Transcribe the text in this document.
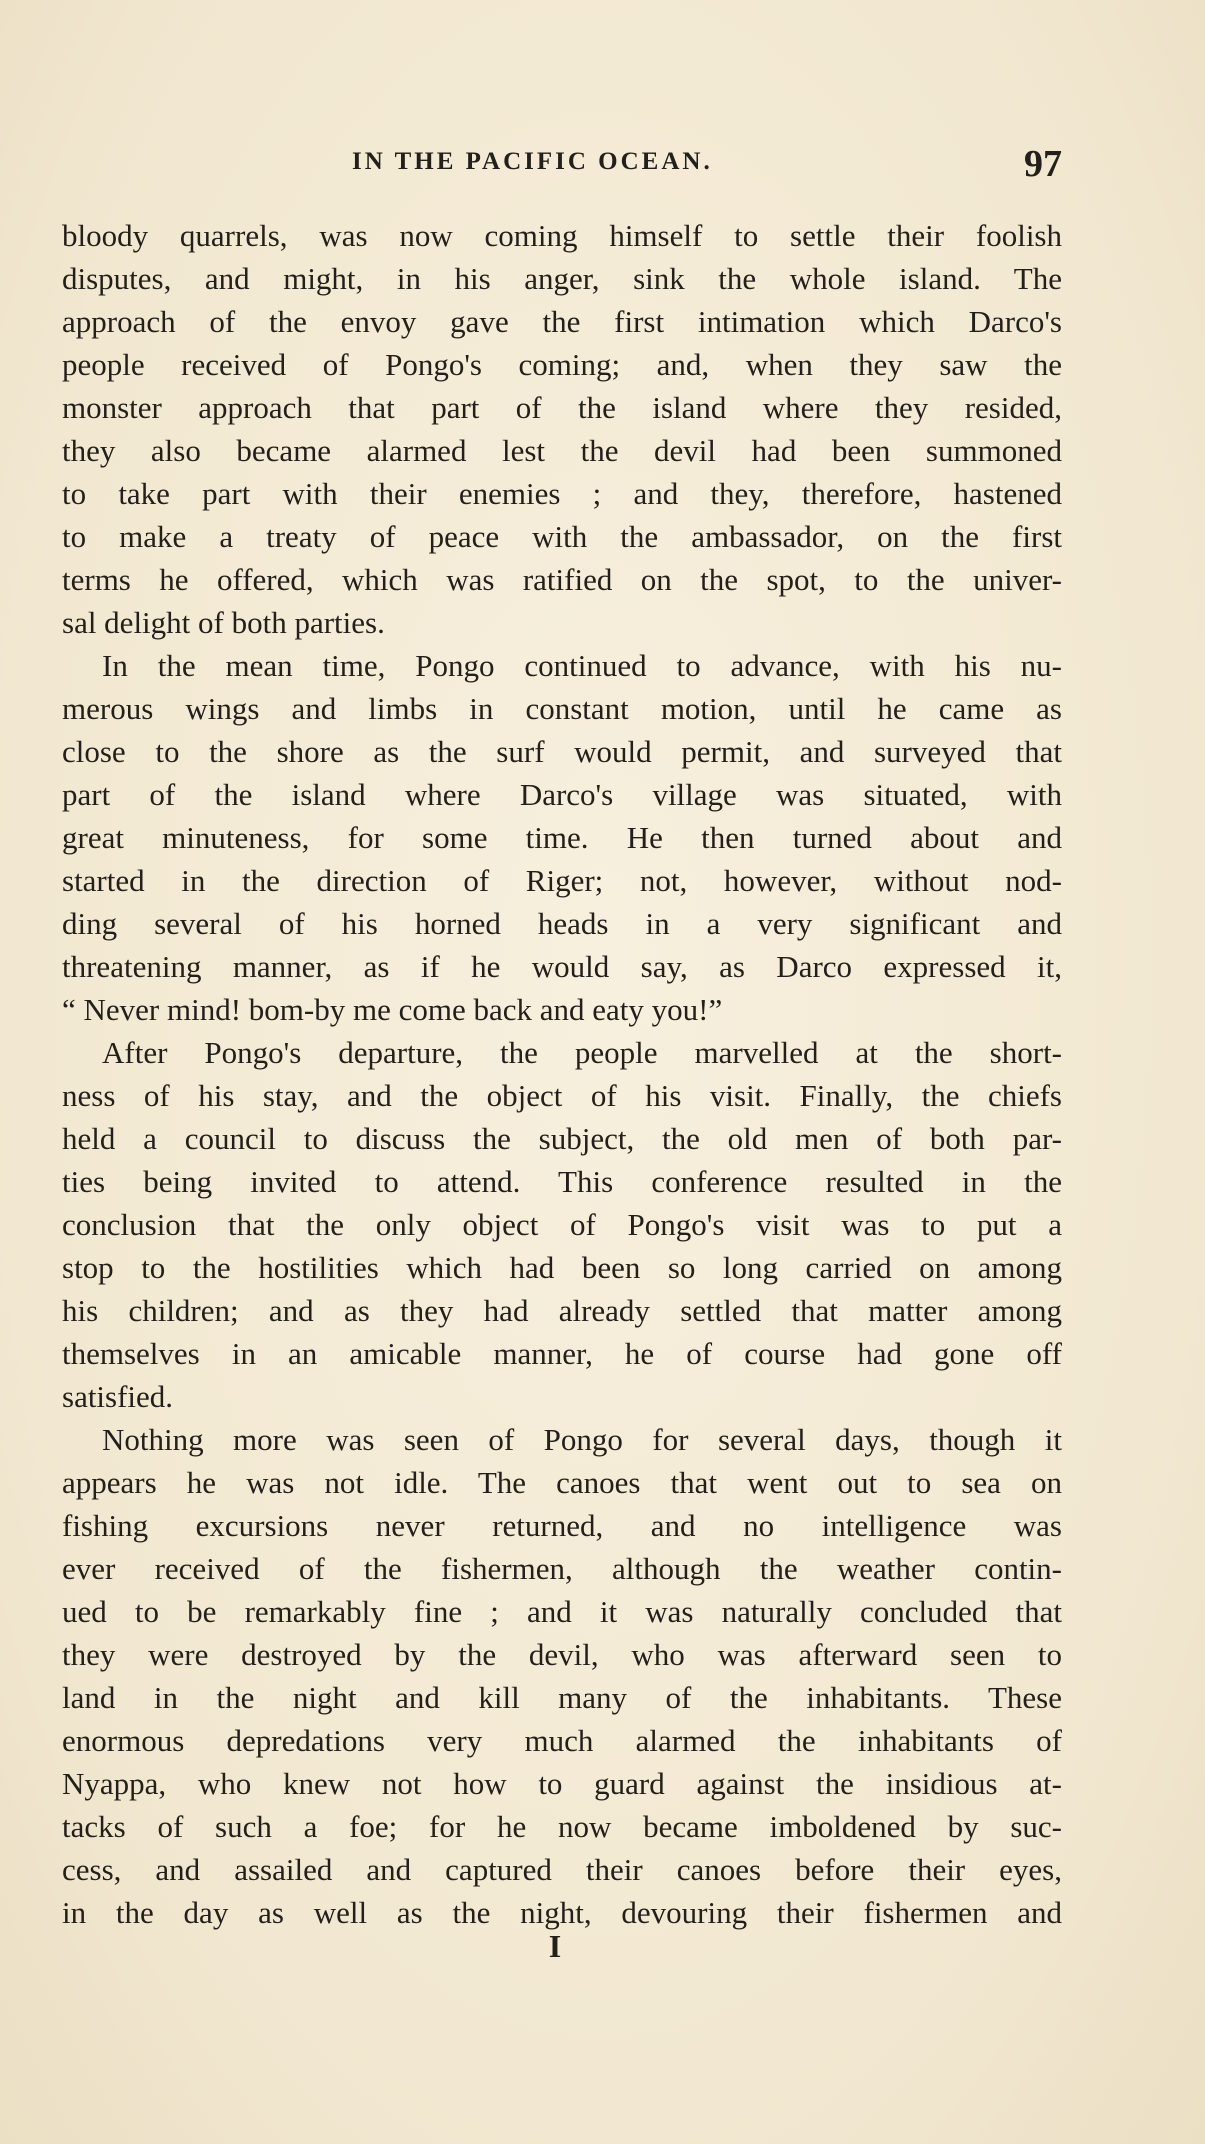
IN THE PACIFIC OCEAN.	97
bloody quarrels, was now coming himself to settle their foolish
disputes, and might, in his anger, sink the whole island. The
approach of the envoy gave the first intimation which Darco's
people received of Pongo's coming; and, when they saw the
monster approach that part of the island where they resided,
they also became alarmed lest the devil had been summoned
to take part with their enemies ; and they, therefore, hastened
to make a treaty of peace with the ambassador, on the first
terms he offered, which was ratified on the spot, to the univer-
sal delight of both parties.
In the mean time, Pongo continued to advance, with his nu-
merous wings and limbs in constant motion, until he came as
close to the shore as the surf would permit, and surveyed that
part of the island where Darco's village was situated, with
great minuteness, for some time. He then turned about and
started in the direction of Riger; not, however, without nod-
ding several of his horned heads in a very significant and
threatening manner, as if he would say, as Darco expressed it,
“ Never mind! bom-by me come back and eaty you!”
After Pongo's departure, the people marvelled at the short-
ness of his stay, and the object of his visit. Finally, the chiefs
held a council to discuss the subject, the old men of both par-
ties being invited to attend. This conference resulted in the
conclusion that the only object of Pongo's visit was to put a
stop to the hostilities which had been so long carried on among
his children; and as they had already settled that matter among
themselves in an amicable manner, he of course had gone off
satisfied.
Nothing more was seen of Pongo for several days, though it
appears he was not idle. The canoes that went out to sea on
fishing excursions never returned, and no intelligence was
ever received of the fishermen, although the weather contin-
ued to be remarkably fine ; and it was naturally concluded that
they were destroyed by the devil, who was afterward seen to
land in the night and kill many of the inhabitants. These
enormous depredations very much alarmed the inhabitants of
Nyappa, who knew not how to guard against the insidious at-
tacks of such a foe; for he now became imboldened by suc-
cess, and assailed and captured their canoes before their eyes,
in the day as well as the night, devouring their fishermen and
I
